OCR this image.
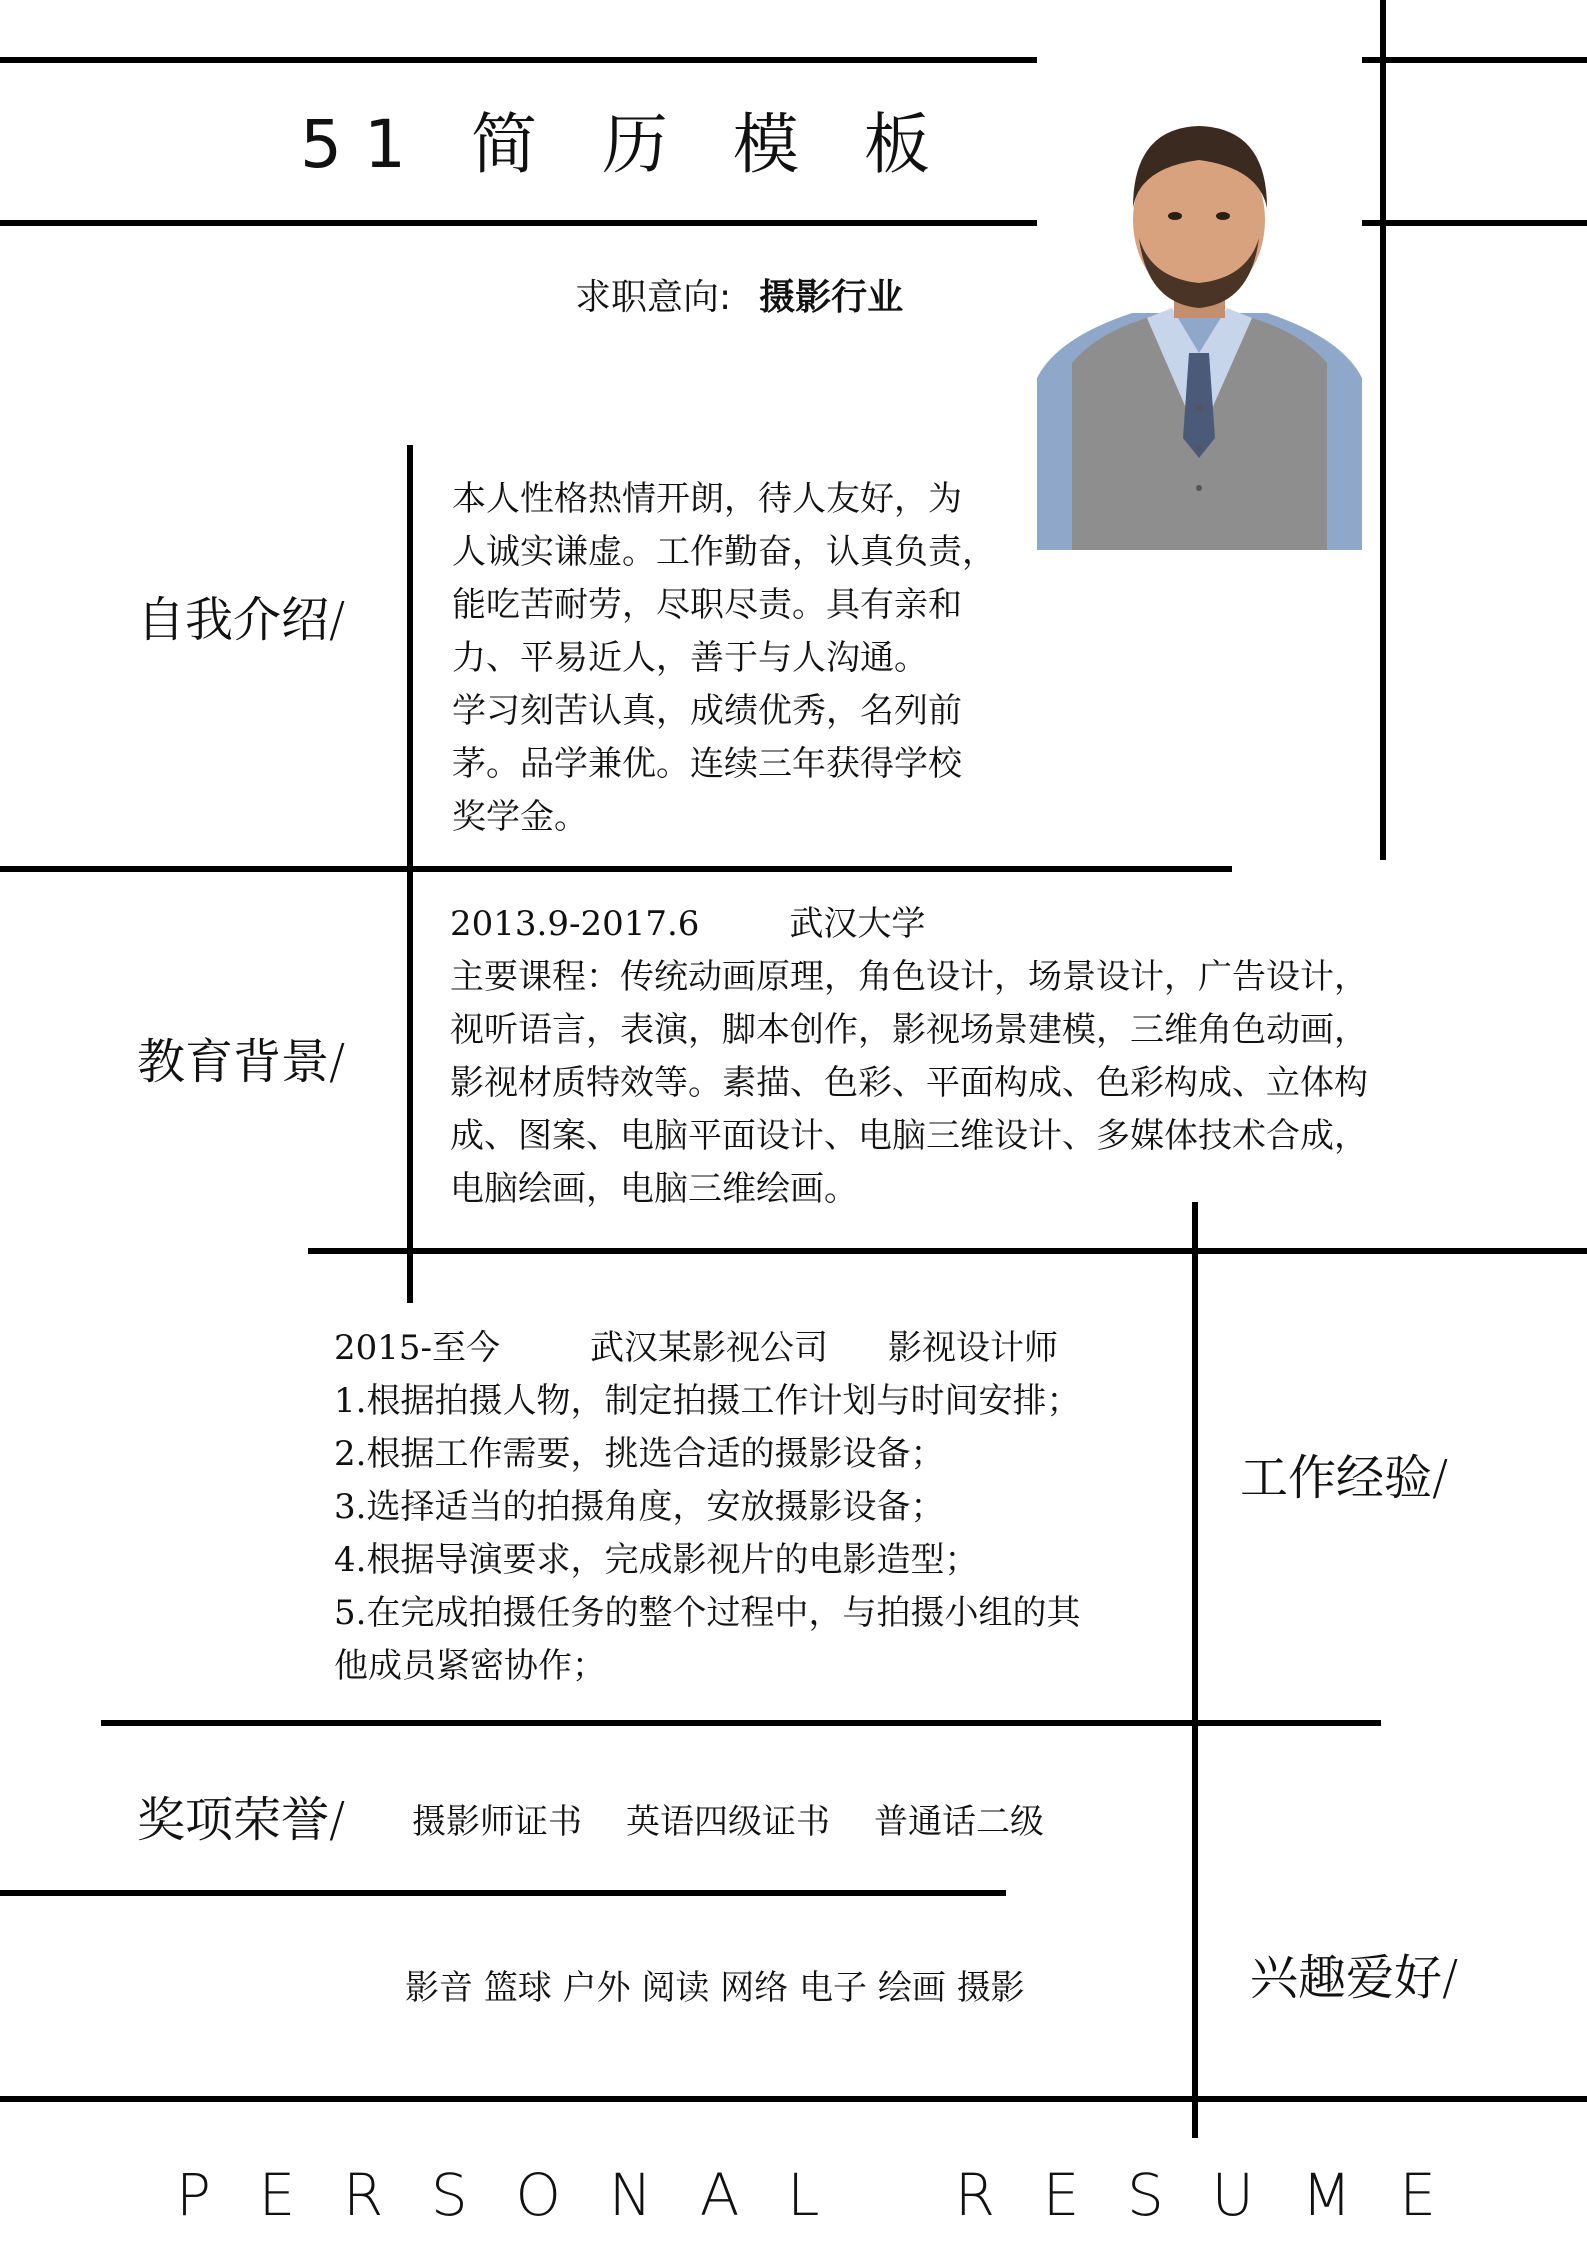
51 简 历 模 板
求职意向: 摄影行业
自我介绍/
本人性格热情开朗，待人友好，为
人诚实谦虚。工作勤奋，认真负责，
能吃苦耐劳，尽职尽责。具有亲和
力、平易近人，善于与人沟通。
学习刻苦认真，成绩优秀，名列前
茅。品学兼优。连续三年获得学校
奖学金。
教育背景/
2013.9-2017.6	武汉大学
主要课程：传统动画原理，角色设计，场景设计，广告设计，
视听语言，表演，脚本创作，影视场景建模，三维角色动画，
影视材质特效等。素描、色彩、平面构成、色彩构成、立体构
成、图案、电脑平面设计、电脑三维设计、多媒体技术合成，
电脑绘画，电脑三维绘画。
2015-至今	武汉某影视公司 影视设计师
1.根据拍摄人物，制定拍摄工作计划与时间安排；
2.根据工作需要，挑选合适的摄影设备；
3.选择适当的拍摄角度，安放摄影设备；
4.根据导演要求，完成影视片的电影造型；
5.在完成拍摄任务的整个过程中，与拍摄小组的其
他成员紧密协作；
工作经验/
奖项荣誉/ 摄影师证书 英语四级证书 普通话二级
影音 篮球 户外 阅读 网络 电子 绘画 摄影	兴趣爱好/
P E R S O N A L R E S U M E
